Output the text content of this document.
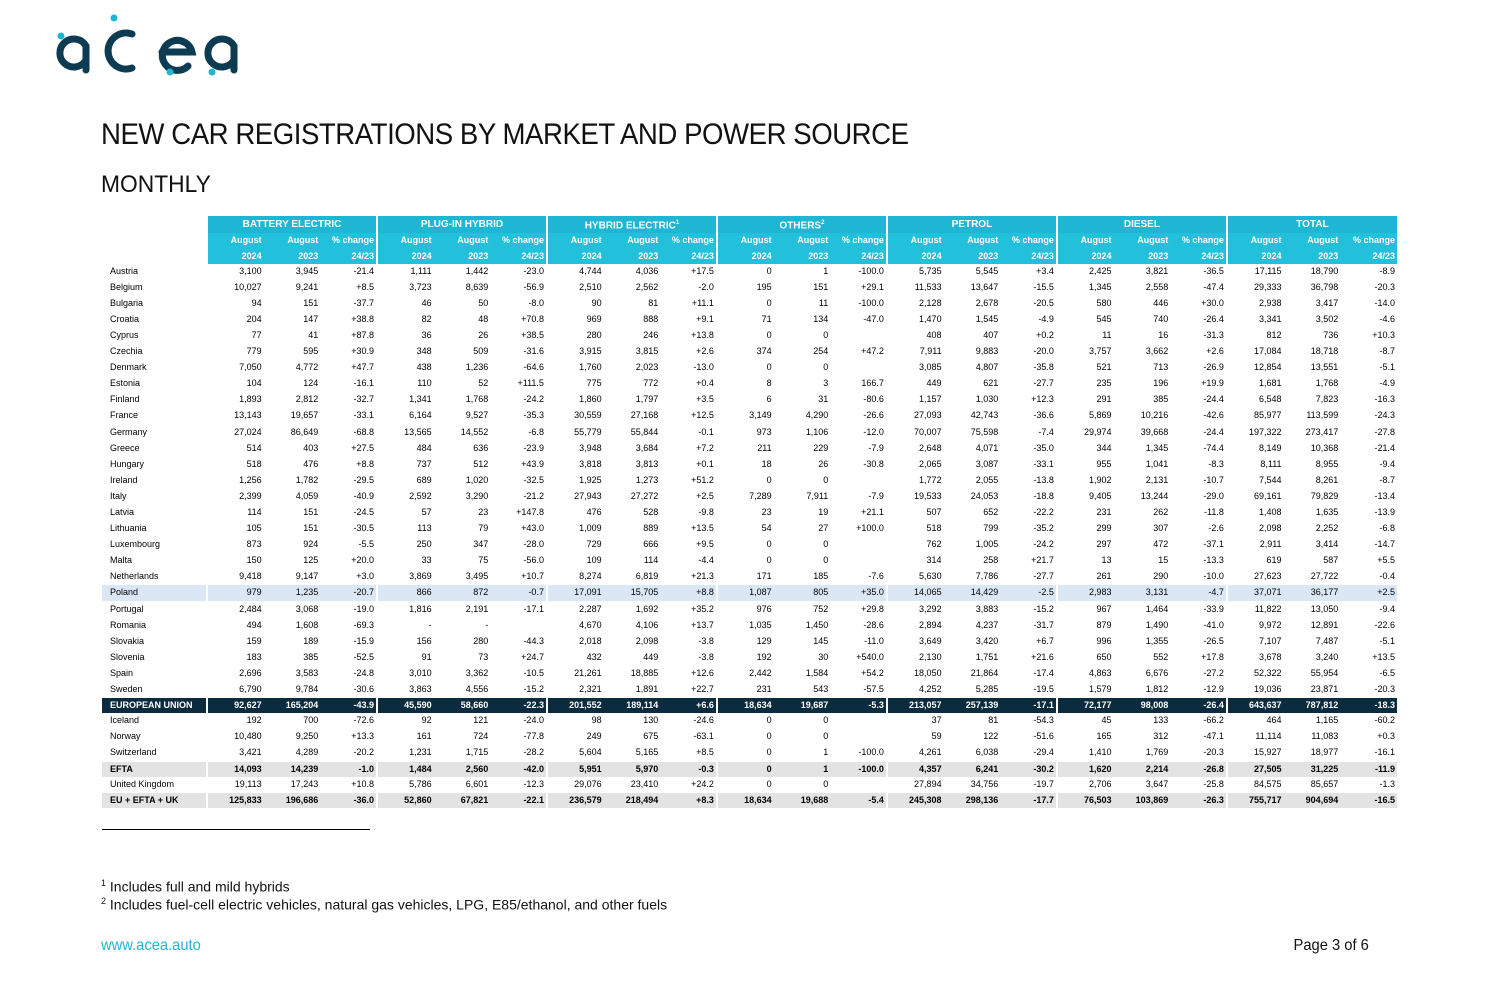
NEW CAR REGISTRATIONS BY MARKET AND POWER SOURCE
MONTHLY
	BATTERY ELECTRIC			PLUG-IN HYBRID			HYBRID ELECTRIC$^1$			OTHERS$^2$			PETROL			DIESEL			TOTAL		
	August	August	% change	August	August	% change	August	August	% change	August	August	% change	August	August	% change	August	August	% change	August	August	% change
	2024	2023	24/23	2024	2023	24/23	2024	2023	24/23	2024	2023	24/23	2024	2023	24/23	2024	2023	24/23	2024	2023	24/23
Austria	3,100	3,945	-21.4	1,111	1,442	-23.0	4,744	4,036	+17.5	0	1	-100.0	5,735	5,545	+3.4	2,425	3,821	-36.5	17,115	18,790	-8.9
Belgium	10,027	9,241	+8.5	3,723	8,639	-56.9	2,510	2,562	-2.0	195	151	+29.1	11,533	13,647	-15.5	1,345	2,558	-47.4	29,333	36,798	-20.3
Bulgaria	94	151	-37.7	46	50	-8.0	90	81	+11.1	0	11	-100.0	2,128	2,678	-20.5	580	446	+30.0	2,938	3,417	-14.0
Croatia	204	147	+38.8	82	48	+70.8	969	888	+9.1	71	134	-47.0	1,470	1,545	-4.9	545	740	-26.4	3,341	3,502	-4.6
Cyprus	77	41	+87.8	36	26	+38.5	280	246	+13.8	0	0		408	407	+0.2	11	16	-31.3	812	736	+10.3
Czechia	779	595	+30.9	348	509	-31.6	3,915	3,815	+2.6	374	254	+47.2	7,911	9,883	-20.0	3,757	3,662	+2.6	17,084	18,718	-8.7
Denmark	7,050	4,772	+47.7	438	1,236	-64.6	1,760	2,023	-13.0	0	0		3,085	4,807	-35.8	521	713	-26.9	12,854	13,551	-5.1
Estonia	104	124	-16.1	110	52	+111.5	775	772	+0.4	8	3	166.7	449	621	-27.7	235	196	+19.9	1,681	1,768	-4.9
Finland	1,893	2,812	-32.7	1,341	1,768	-24.2	1,860	1,797	+3.5	6	31	-80.6	1,157	1,030	+12.3	291	385	-24.4	6,548	7,823	-16.3
France	13,143	19,657	-33.1	6,164	9,527	-35.3	30,559	27,168	+12.5	3,149	4,290	-26.6	27,093	42,743	-36.6	5,869	10,216	-42.6	85,977	113,599	-24.3
Germany	27,024	86,649	-68.8	13,565	14,552	-6.8	55,779	55,844	-0.1	973	1,106	-12.0	70,007	75,598	-7.4	29,974	39,668	-24.4	197,322	273,417	-27.8
Greece	514	403	+27.5	484	636	-23.9	3,948	3,684	+7.2	211	229	-7.9	2,648	4,071	-35.0	344	1,345	-74.4	8,149	10,368	-21.4
Hungary	518	476	+8.8	737	512	+43.9	3,818	3,813	+0.1	18	26	-30.8	2,065	3,087	-33.1	955	1,041	-8.3	8,111	8,955	-9.4
Ireland	1,256	1,782	-29.5	689	1,020	-32.5	1,925	1,273	+51.2	0	0		1,772	2,055	-13.8	1,902	2,131	-10.7	7,544	8,261	-8.7
Italy	2,399	4,059	-40.9	2,592	3,290	-21.2	27,943	27,272	+2.5	7,289	7,911	-7.9	19,533	24,053	-18.8	9,405	13,244	-29.0	69,161	79,829	-13.4
Latvia	114	151	-24.5	57	23	+147.8	476	528	-9.8	23	19	+21.1	507	652	-22.2	231	262	-11.8	1,408	1,635	-13.9
Lithuania	105	151	-30.5	113	79	+43.0	1,009	889	+13.5	54	27	+100.0	518	799	-35.2	299	307	-2.6	2,098	2,252	-6.8
Luxembourg	873	924	-5.5	250	347	-28.0	729	666	+9.5	0	0		762	1,005	-24.2	297	472	-37.1	2,911	3,414	-14.7
Malta	150	125	+20.0	33	75	-56.0	109	114	-4.4	0	0		314	258	+21.7	13	15	-13.3	619	587	+5.5
Netherlands	9,418	9,147	+3.0	3,869	3,495	+10.7	8,274	6,819	+21.3	171	185	-7.6	5,630	7,786	-27.7	261	290	-10.0	27,623	27,722	-0.4
Poland	979	1,235	-20.7	866	872	-0.7	17,091	15,705	+8.8	1,087	805	+35.0	14,065	14,429	-2.5	2,983	3,131	-4.7	37,071	36,177	+2.5
Portugal	2,484	3,068	-19.0	1,816	2,191	-17.1	2,287	1,692	+35.2	976	752	+29.8	3,292	3,883	-15.2	967	1,464	-33.9	11,822	13,050	-9.4
Romania	494	1,608	-69.3	-	-		4,670	4,106	+13.7	1,035	1,450	-28.6	2,894	4,237	-31.7	879	1,490	-41.0	9,972	12,891	-22.6
Slovakia	159	189	-15.9	156	280	-44.3	2,018	2,098	-3.8	129	145	-11.0	3,649	3,420	+6.7	996	1,355	-26.5	7,107	7,487	-5.1
Slovenia	183	385	-52.5	91	73	+24.7	432	449	-3.8	192	30	+540.0	2,130	1,751	+21.6	650	552	+17.8	3,678	3,240	+13.5
Spain	2,696	3,583	-24.8	3,010	3,362	-10.5	21,261	18,885	+12.6	2,442	1,584	+54.2	18,050	21,864	-17.4	4,863	6,676	-27.2	52,322	55,954	-6.5
Sweden	6,790	9,784	-30.6	3,863	4,556	-15.2	2,321	1,891	+22.7	231	543	-57.5	4,252	5,285	-19.5	1,579	1,812	-12.9	19,036	23,871	-20.3
EUROPEAN UNION	92,627	165,204	-43.9	45,590	58,660	-22.3	201,552	189,114	+6.6	18,634	19,687	-5.3	213,057	257,139	-17.1	72,177	98,008	-26.4	643,637	787,812	-18.3
Iceland	192	700	-72.6	92	121	-24.0	98	130	-24.6	0	0		37	81	-54.3	45	133	-66.2	464	1,165	-60.2
Norway	10,480	9,250	+13.3	161	724	-77.8	249	675	-63.1	0	0		59	122	-51.6	165	312	-47.1	11,114	11,083	+0.3
Switzerland	3,421	4,289	-20.2	1,231	1,715	-28.2	5,604	5,165	+8.5	0	1	-100.0	4,261	6,038	-29.4	1,410	1,769	-20.3	15,927	18,977	-16.1
EFTA	14,093	14,239	-1.0	1,484	2,560	-42.0	5,951	5,970	-0.3	0	1	-100.0	4,357	6,241	-30.2	1,620	2,214	-26.8	27,505	31,225	-11.9
United Kingdom	19,113	17,243	+10.8	5,786	6,601	-12.3	29,076	23,410	+24.2	0	0		27,894	34,756	-19.7	2,706	3,647	-25.8	84,575	85,657	-1.3
EU + EFTA + UK	125,833	196,686	-36.0	52,860	67,821	-22.1	236,579	218,494	+8.3	18,634	19,688	-5.4	245,308	298,136	-17.7	76,503	103,869	-26.3	755,717	904,694	-16.5
$^1$ Includes full and mild hybrids
$^2$ Includes fuel-cell electric vehicles, natural gas vehicles, LPG, E85/ethanol, and other fuels
www.acea.auto	Page 3 of 6
